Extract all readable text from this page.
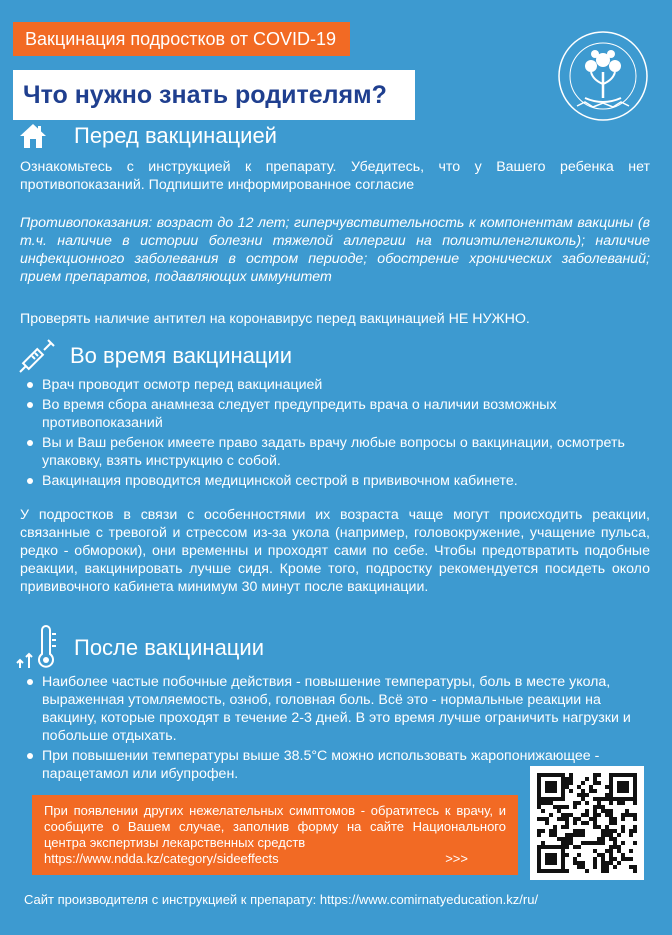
Вакцинация подростков от COVID-19
Что нужно знать родителям?
Перед вакцинацией

Ознакомьтесь с инструкцией к препарату. Убедитесь, что у Вашего ребенка нет противопоказаний. Подпишите информированное согласие

Противопоказания: возраст до 12 лет; гиперчувствительность к компонентам вакцины (в т.ч. наличие в истории болезни тяжелой аллергии на полиэтиленгликоль); наличие инфекционного заболевания в остром периоде; обострение хронических заболеваний; прием препаратов, подавляющих иммунитет

Проверять наличие антител на коронавирус перед вакцинацией НЕ НУЖНО.

Во время вакцинации
Врач проводит осмотр перед вакцинацией
Во время сбора анамнеза следует предупредить врача о наличии возможных противопоказаний
Вы и Ваш ребенок имеете право задать врачу любые вопросы о вакцинации, осмотреть упаковку, взять инструкцию с собой.
Вакцинация проводится медицинской сестрой в прививочном кабинете.

У подростков в связи с особенностями их возраста чаще могут происходить реакции, связанные с тревогой и стрессом из-за укола (например, головокружение, учащение пульса, редко - обмороки), они временны и проходят сами по себе. Чтобы предотвратить подобные реакции, вакцинировать лучше сидя. Кроме того, подростку рекомендуется посидеть около прививочного кабинета минимум 30 минут после вакцинации.

После вакцинации
Наиболее частые побочные действия - повышение температуры, боль в месте укола, выраженная утомляемость, озноб, головная боль. Всё это - нормальные реакции на вакцину, которые проходят в течение 2-3 дней. В это время лучше ограничить нагрузки и побольше отдыхать.
При повышении температуры выше 38.5°С можно использовать жаропонижающее - парацетамол или ибупрофен.
При появлении других нежелательных симптомов - обратитесь к врачу, и сообщите о Вашем случае, заполнив форму на сайте Национального центра экспертизы лекарственных средств
https://www.ndda.kz/category/sideeffects	>>>
Сайт производителя с инструкцией к препарату: https://www.comirnatyeducation.kz/ru/
